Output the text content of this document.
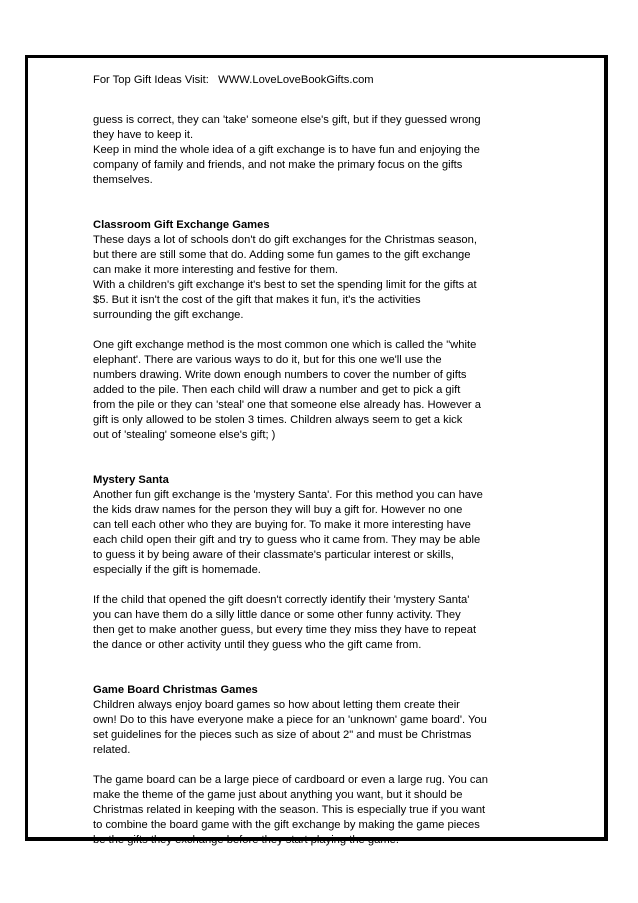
For Top Gift Ideas Visit:   WWW.LoveLoveBookGifts.com
guess is correct, they can 'take' someone else's gift, but if they guessed wrong
they have to keep it.
Keep in mind the whole idea of a gift exchange is to have fun and enjoying the
company of family and friends, and not make the primary focus on the gifts
themselves.
Classroom Gift Exchange Games
These days a lot of schools don't do gift exchanges for the Christmas season,
but there are still some that do. Adding some fun games to the gift exchange
can make it more interesting and festive for them.
With a children's gift exchange it's best to set the spending limit for the gifts at
$5. But it isn't the cost of the gift that makes it fun, it's the activities
surrounding the gift exchange.
One gift exchange method is the most common one which is called the "white
elephant'. There are various ways to do it, but for this one we'll use the
numbers drawing. Write down enough numbers to cover the number of gifts
added to the pile. Then each child will draw a number and get to pick a gift
from the pile or they can 'steal' one that someone else already has. However a
gift is only allowed to be stolen 3 times. Children always seem to get a kick
out of 'stealing' someone else's gift; )
Mystery Santa
Another fun gift exchange is the 'mystery Santa'. For this method you can have
the kids draw names for the person they will buy a gift for. However no one
can tell each other who they are buying for. To make it more interesting have
each child open their gift and try to guess who it came from. They may be able
to guess it by being aware of their classmate's particular interest or skills,
especially if the gift is homemade.
If the child that opened the gift doesn't correctly identify their 'mystery Santa'
you can have them do a silly little dance or some other funny activity. They
then get to make another guess, but every time they miss they have to repeat
the dance or other activity until they guess who the gift came from.
Game Board Christmas Games
Children always enjoy board games so how about letting them create their
own! Do to this have everyone make a piece for an 'unknown' game board'. You
set guidelines for the pieces such as size of about 2" and must be Christmas
related.
The game board can be a large piece of cardboard or even a large rug. You can
make the theme of the game just about anything you want, but it should be
Christmas related in keeping with the season. This is especially true if you want
to combine the board game with the gift exchange by making the game pieces
be the gifts they exchange before they start playing the game.
